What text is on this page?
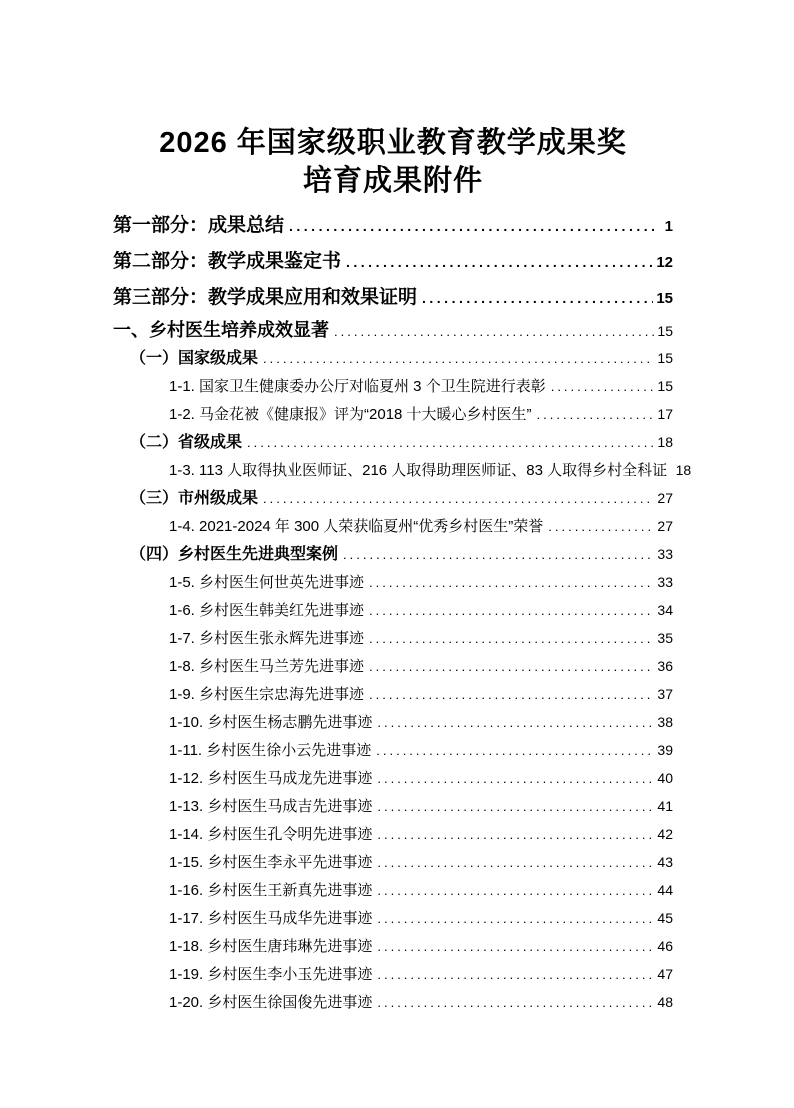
2026 年国家级职业教育教学成果奖
培育成果附件
第一部分：成果总结 .....	1
第二部分：教学成果鉴定书 .....	12
第三部分：教学成果应用和效果证明 .....	15
一、乡村医生培养成效显著 .....	15
（一）国家级成果 .....	15
1-1. 国家卫生健康委办公厅对临夏州 3 个卫生院进行表彰 .....	15
1-2. 马金花被《健康报》评为“2018 十大暖心乡村医生” .....	17
（二）省级成果 .....	18
1-3. 113 人取得执业医师证、216 人取得助理医师证、83 人取得乡村全科证 18
（三）市州级成果 .....	27
1-4. 2021-2024 年 300 人荣获临夏州“优秀乡村医生”荣誉 .....	27
（四）乡村医生先进典型案例 .....	33
1-5. 乡村医生何世英先进事迹 .....	33
1-6. 乡村医生韩美红先进事迹 .....	34
1-7. 乡村医生张永辉先进事迹 .....	35
1-8. 乡村医生马兰芳先进事迹 .....	36
1-9. 乡村医生宗忠海先进事迹 .....	37
1-10. 乡村医生杨志鹏先进事迹 .....	38
1-11. 乡村医生徐小云先进事迹 .....	39
1-12. 乡村医生马成龙先进事迹 .....	40
1-13. 乡村医生马成吉先进事迹 .....	41
1-14. 乡村医生孔令明先进事迹 .....	42
1-15. 乡村医生李永平先进事迹 .....	43
1-16. 乡村医生王新真先进事迹 .....	44
1-17. 乡村医生马成华先进事迹 .....	45
1-18. 乡村医生唐玮琳先进事迹 .....	46
1-19. 乡村医生李小玉先进事迹 .....	47
1-20. 乡村医生徐国俊先进事迹 .....	48
